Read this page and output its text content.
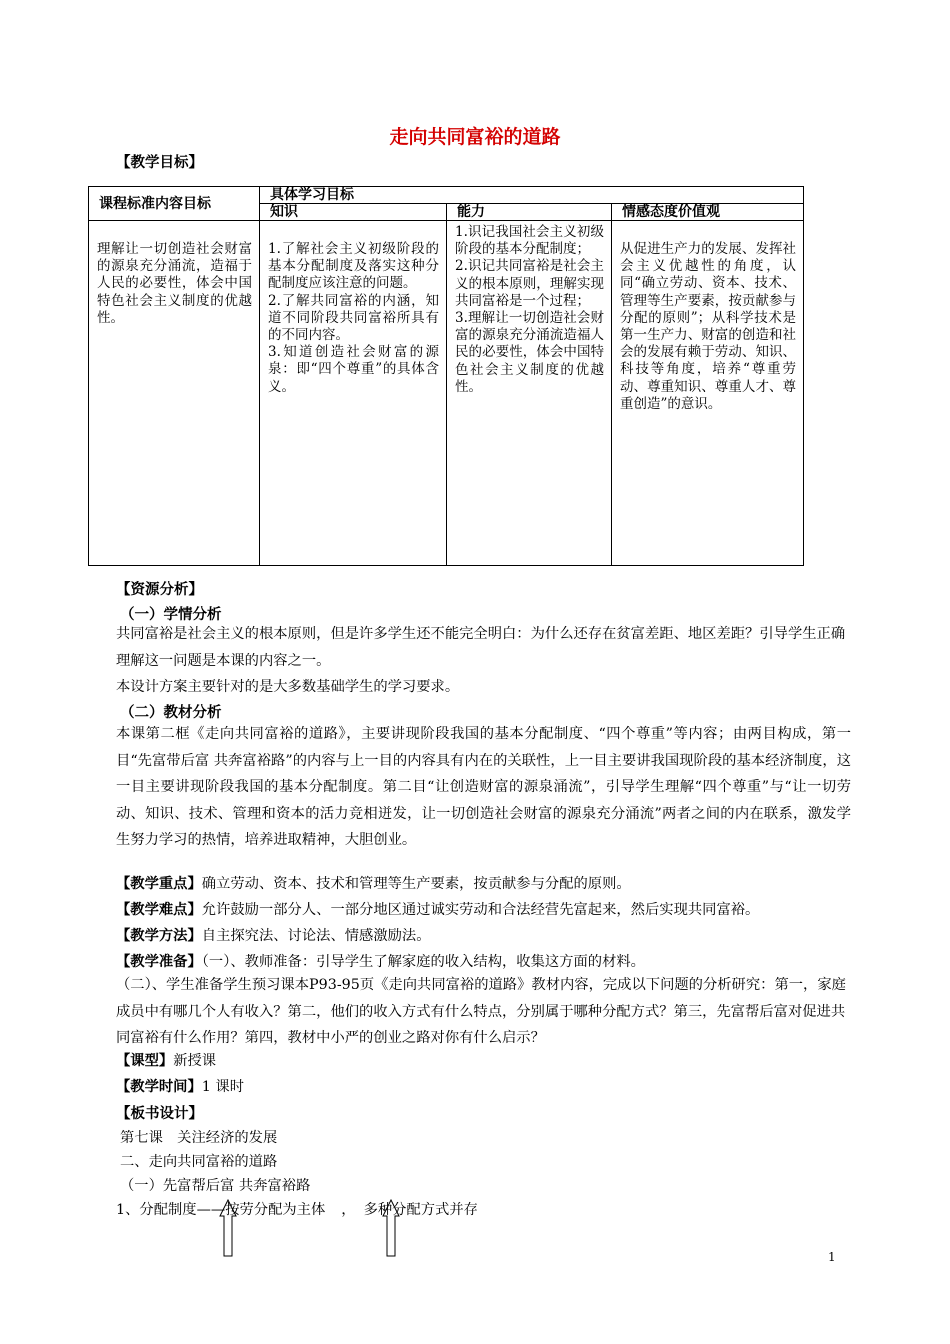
走向共同富裕的道路
【教学目标】
课程标准内容目标	具体学习目标		
	知识	能力	情感态度价值观
理解让一切创造社会财富的源泉充分涌流，造福于人民的必要性，体会中国特色社会主义制度的优越性。	1.了解社会主义初级阶段的基本分配制度及落实这种分配制度应该注意的问题。
2.了解共同富裕的内涵，知道不同阶段共同富裕所具有的不同内容。
3.知道创造社会财富的源泉：即“四个尊重”的具体含义。	1.识记我国社会主义初级阶段的基本分配制度；
2.识记共同富裕是社会主义的根本原则，理解实现共同富裕是一个过程；
3.理解让一切创造社会财富的源泉充分涌流造福人民的必要性，体会中国特色社会主义制度的优越性。	从促进生产力的发展、发挥社会主义优越性的角度，认同“确立劳动、资本、技术、管理等生产要素，按贡献参与分配的原则”；从科学技术是第一生产力、财富的创造和社会的发展有赖于劳动、知识、科技等角度，培养“尊重劳动、尊重知识、尊重人才、尊重创造”的意识。
【资源分析】
（一）学情分析
共同富裕是社会主义的根本原则，但是许多学生还不能完全明白：为什么还存在贫富差距、地区差距？引导学生正确理解这一问题是本课的内容之一。
本设计方案主要针对的是大多数基础学生的学习要求。
（二）教材分析
本课第二框《走向共同富裕的道路》，主要讲现阶段我国的基本分配制度、“四个尊重”等内容；由两目构成，第一目“先富带后富 共奔富裕路”的内容与上一目的内容具有内在的关联性，上一目主要讲我国现阶段的基本经济制度，这一目主要讲现阶段我国的基本分配制度。第二目“让创造财富的源泉涌流”，引导学生理解“四个尊重”与“让一切劳动、知识、技术、管理和资本的活力竞相迸发，让一切创造社会财富的源泉充分涌流”两者之间的内在联系，激发学生努力学习的热情，培养进取精神，大胆创业。
【教学重点】确立劳动、资本、技术和管理等生产要素，按贡献参与分配的原则。
【教学难点】允许鼓励一部分人、一部分地区通过诚实劳动和合法经营先富起来，然后实现共同富裕。
【教学方法】自主探究法、讨论法、情感激励法。
【教学准备】（一）、教师准备：引导学生了解家庭的收入结构，收集这方面的材料。
（二）、学生准备学生预习课本P93-95页《走向共同富裕的道路》教材内容，完成以下问题的分析研究：第一，家庭成员中有哪几个人有收入？第二，他们的收入方式有什么特点，分别属于哪种分配方式？第三，先富帮后富对促进共同富裕有什么作用？第四，教材中小严的创业之路对你有什么启示？
【课型】新授课
【教学时间】1 课时
【板书设计】
第七课　关注经济的发展
二、走向共同富裕的道路
（一）先富帮后富 共奔富裕路
1、分配制度——按劳分配为主体 ， 多种分配方式并存
1
